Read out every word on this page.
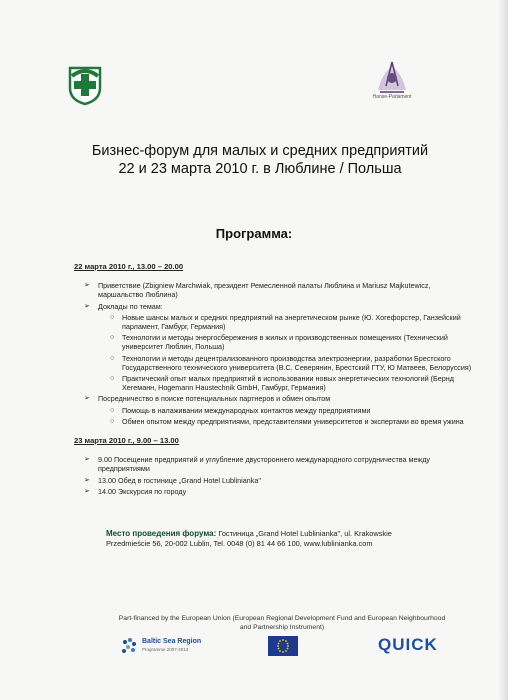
Hanse-Parlament
Бизнес-форум для малых и средних предприятий
22 и 23 марта 2010 г. в Люблине / Польша
Программа:
22 марта 2010 г., 13.00 – 20.00
➢ Приветствие (Zbigniew Marchwiak, президент Ремесленной палаты Люблина и Mariusz Majkutewicz, маршальство Люблина)
➢ Доклады по темам:
○ Новые шансы малых и средних предприятий на энергетическом рынке (Ю. Хогефорстер, Ганзейский парламент, Гамбург, Германия)
○ Технологии и методы энергосбережения в жилых и производственных помещениях (Технический университет Люблин, Польша)
○ Технологии и методы децентрализованного производства электроэнергии, разработки Брестского Государственного технического университета (В.С. Северянин, Брестский ГТУ, Ю Матвеев, Белоруссия)
○ Практический опыт малых предприятий в использовании новых энергетических технологий (Бернд Хегеманн, Hogemann Haustechnik GmbH, Гамбург, Германия)
➢ Посредничество в поиске потенциальных партнеров и обмен опытом
○ Помощь в налаживании международных контактов между предприятиями
○ Обмен опытом между предприятиями, представителями университетов и экспертами во время ужина
23 марта 2010 г., 9.00 – 13.00
➢ 9.00 Посещение предприятий и углубление двустороннего международного сотрудничества между предприятиями
➢ 13.00 Обед в гостинице „Grand Hotel Lublinianka"
➢ 14.00 Экскурсия по городу
Место проведения форума: Гостиница „Grand Hotel Lublinianka", ul. Krakowskie
Przedmieście 56, 20-002 Lublin, Tel. 0048 (0) 81 44 66 100, www.lublinianka.com
Part-financed by the European Union (European Regional Development Fund and European Neighbourhood
and Partnership Instrument)
Baltic Sea Region
Programme 2007-2013	QUICK
